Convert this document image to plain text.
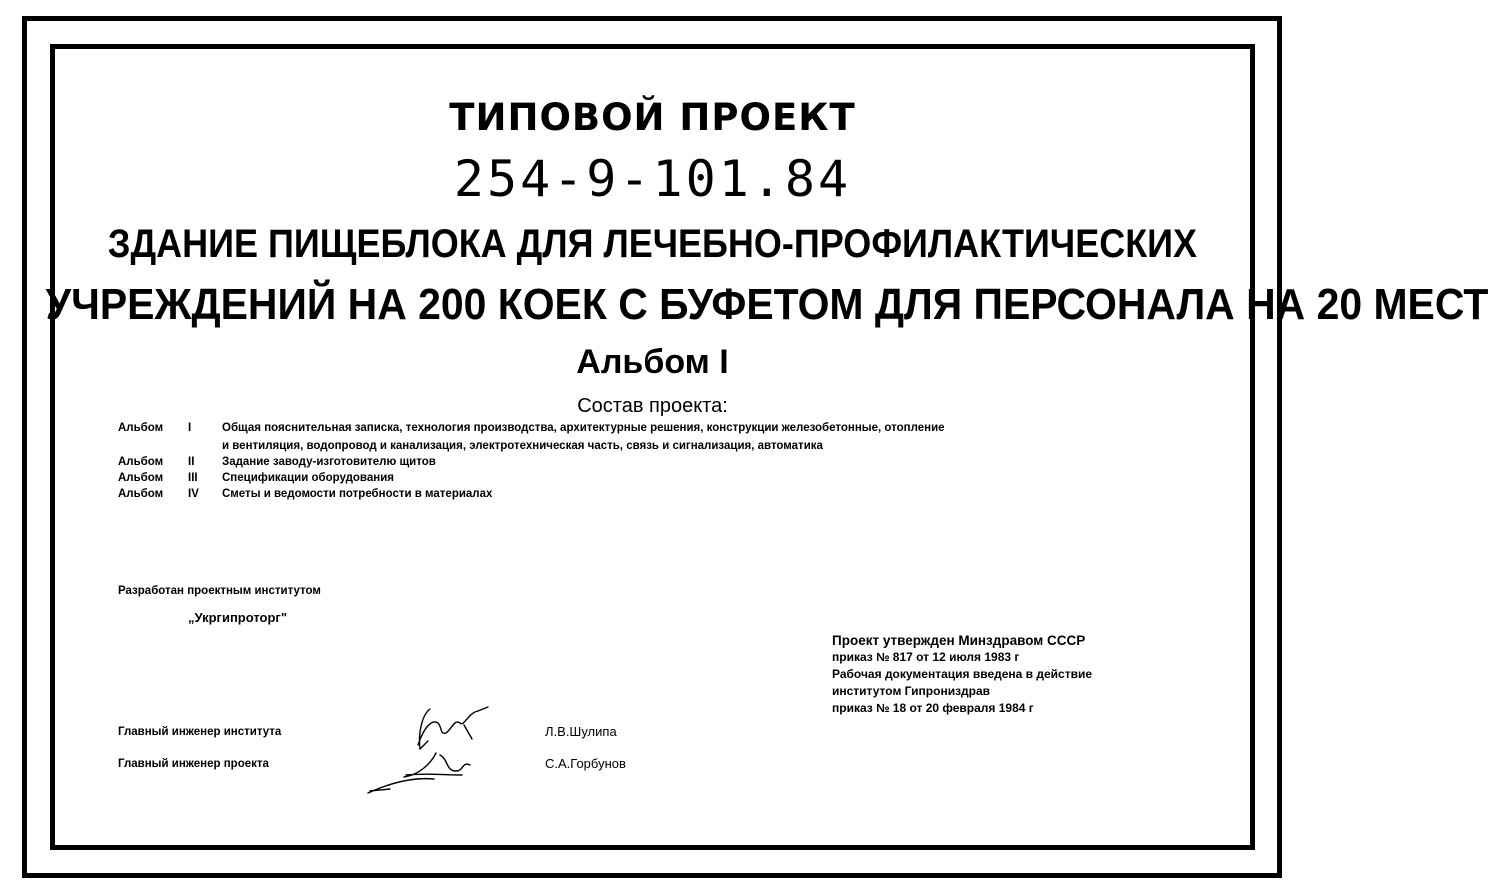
ТИПОВОЙ ПРОЕКТ
254-9-101.84
ЗДАНИЕ ПИЩЕБЛОКА ДЛЯ ЛЕЧЕБНО-ПРОФИЛАКТИЧЕСКИХ
УЧРЕЖДЕНИЙ НА 200 КОЕК С БУФЕТОМ ДЛЯ ПЕРСОНАЛА НА 20 МЕСТ
Альбом I
Состав проекта:
Альбом I	Общая пояснительная записка, технология производства, архитектурные решения, конструкции железобетонные, отопление
и вентиляция, водопровод и канализация, электротехническая часть, связь и сигнализация, автоматика
Альбом II Задание заводу-изготовителю щитов
Альбом III Спецификации оборудования
Альбом IV Сметы и ведомости потребности в материалах
Разработан проектным институтом
„Укргипроторг"
Проект утвержден Минздравом СССР
приказ № 817 от 12 июля 1983 г
Рабочая документация введена в действие
институтом Гипрониздрав
приказ № 18 от 20 февраля 1984 г
Главный инженер института	Л.В.Шулипа
Главный инженер проекта	С.А.Горбунов
